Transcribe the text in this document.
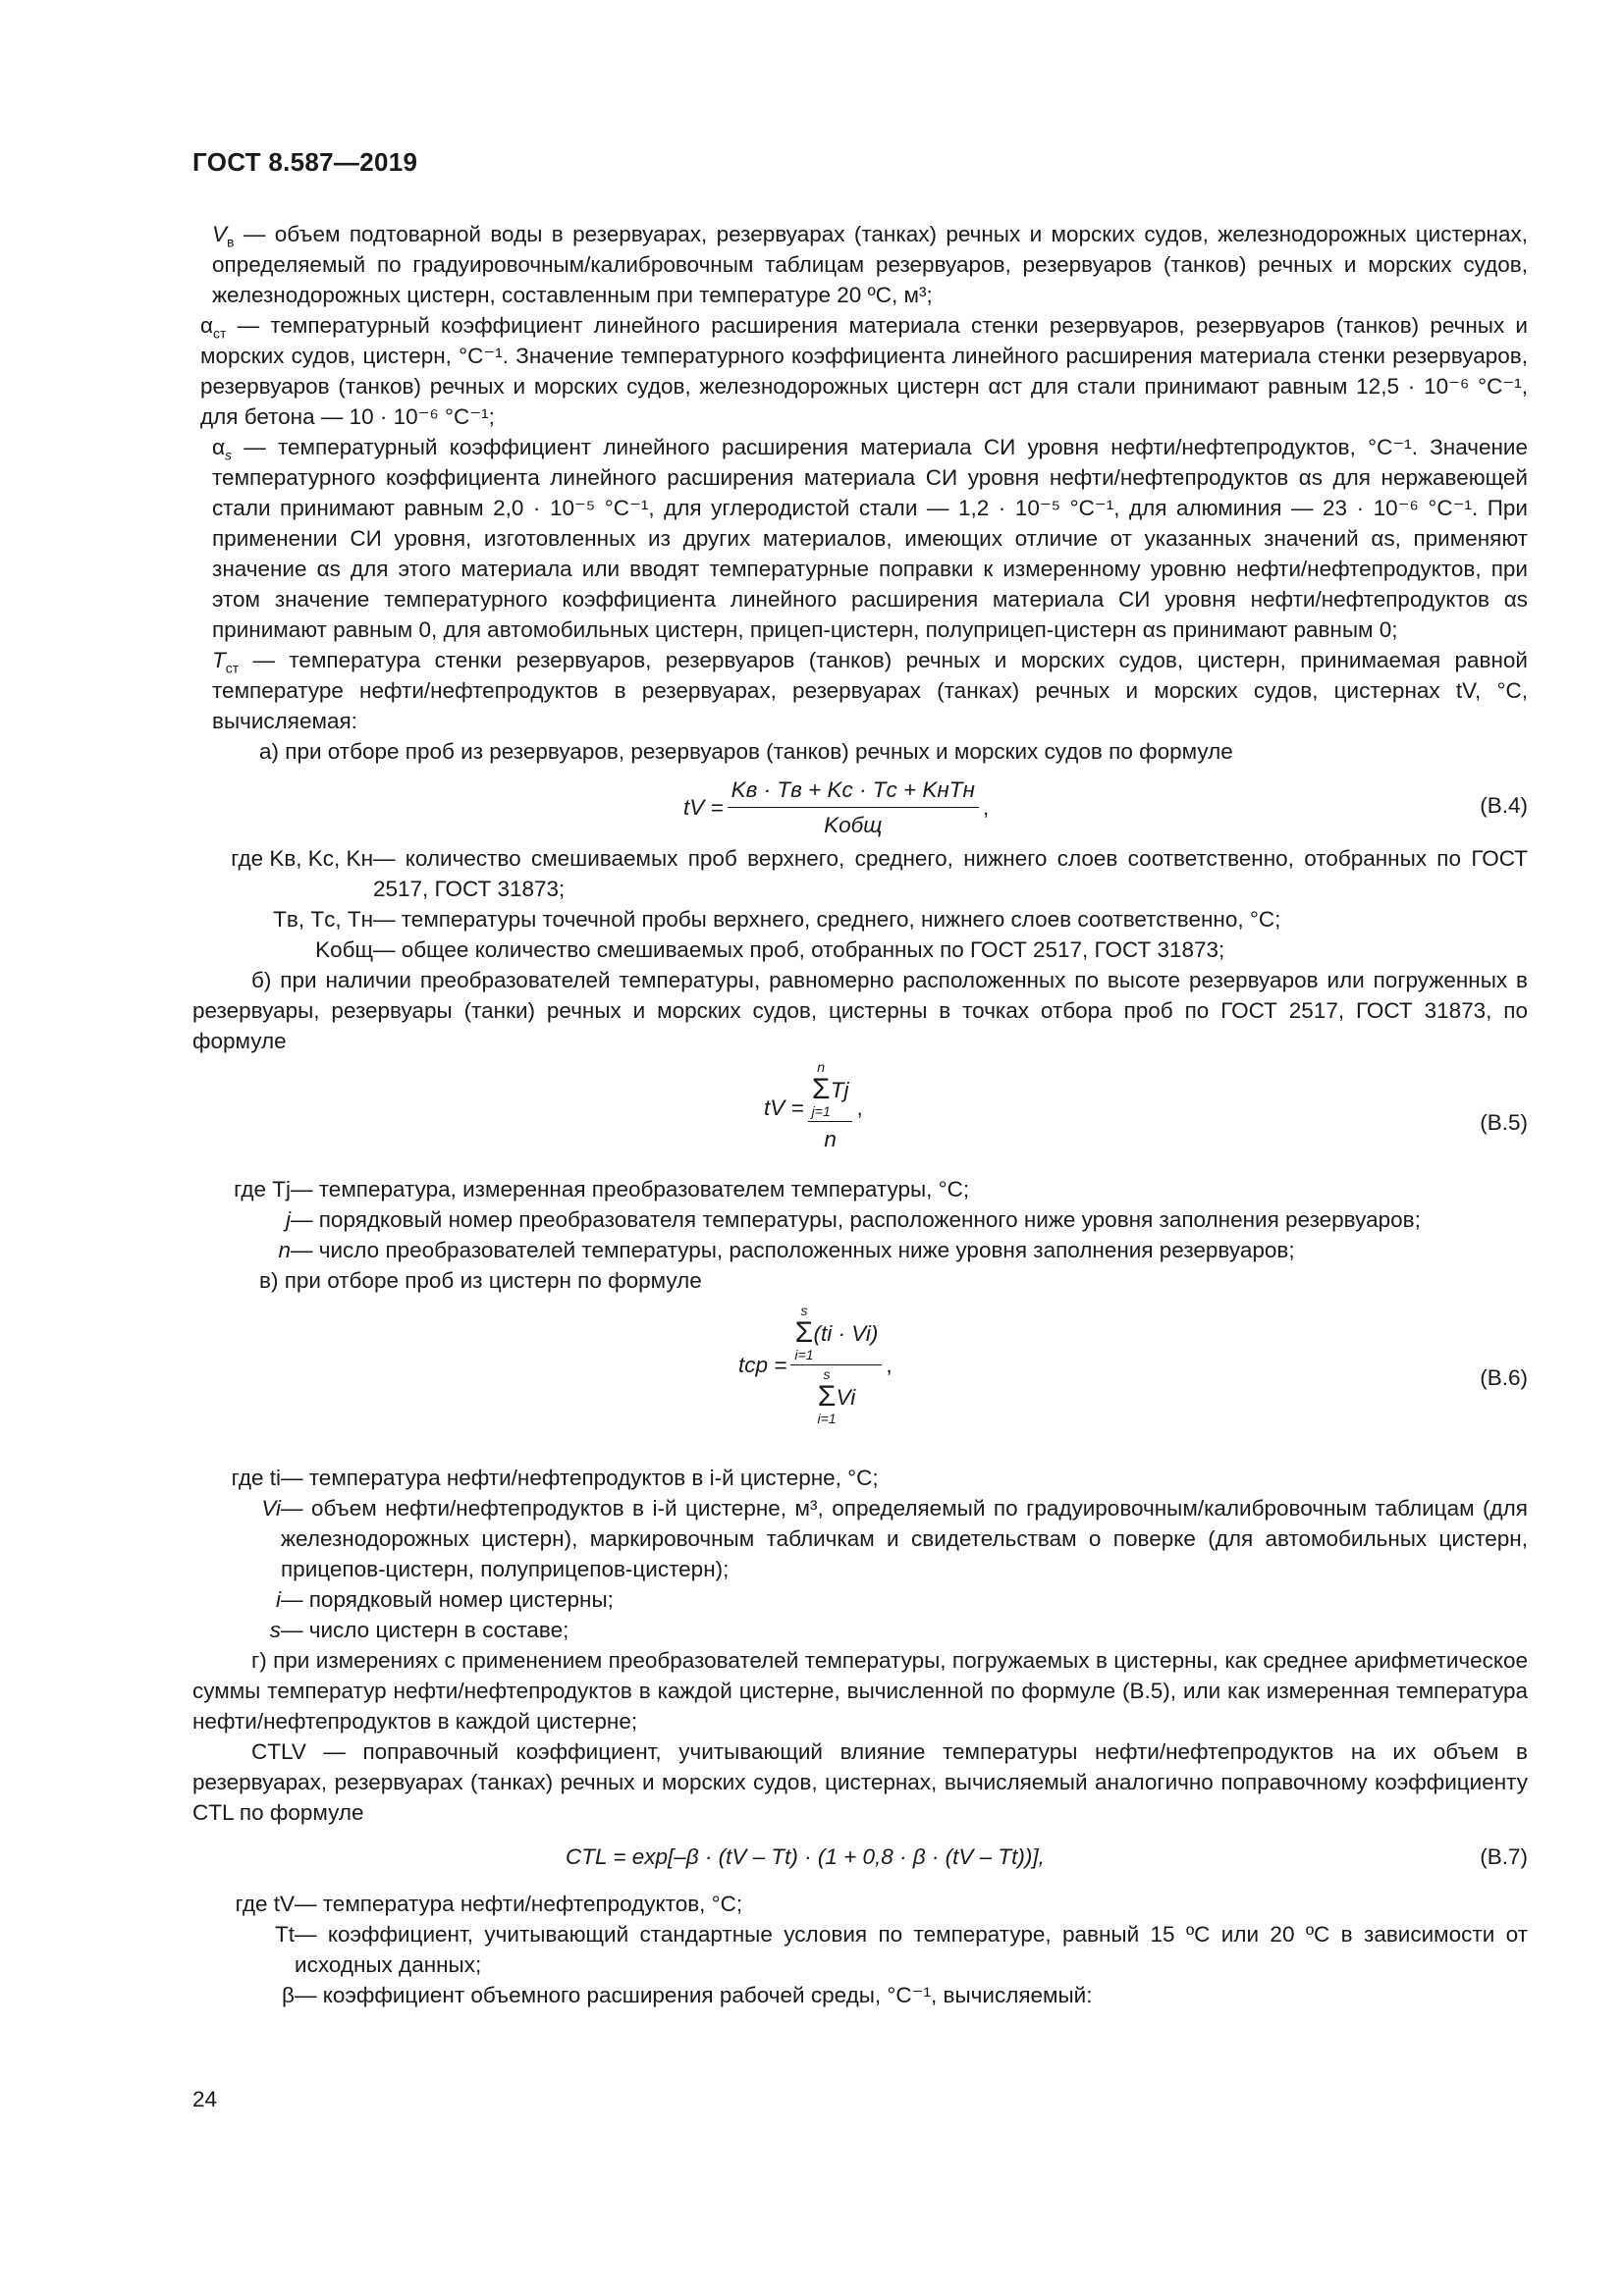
ГОСТ 8.587—2019
$V_в$ — объем подтоварной воды в резервуарах, резервуарах (танках) речных и морских судов, железнодорожных цистернах, определяемый по градуировочным/калибровочным таблицам резервуаров, резервуаров (танков) речных и морских судов, железнодорожных цистерн, составленным при температуре 20 ºС, м³;
$\alpha_{ст}$ — температурный коэффициент линейного расширения материала стенки резервуаров, резервуаров (танков) речных и морских судов, цистерн, °С⁻¹. Значение температурного коэффициента линейного расширения материала стенки резервуаров, резервуаров (танков) речных и морских судов, железнодорожных цистерн αст для стали принимают равным 12,5 · 10⁻⁶ °С⁻¹, для бетона — 10 · 10⁻⁶ °С⁻¹;
$\alpha_s$ — температурный коэффициент линейного расширения материала СИ уровня нефти/нефтепродуктов, °С⁻¹. Значение температурного коэффициента линейного расширения материала СИ уровня нефти/нефтепродуктов αs для нержавеющей стали принимают равным 2,0 · 10⁻⁵ °С⁻¹, для углеродистой стали — 1,2 · 10⁻⁵ °С⁻¹, для алюминия — 23 · 10⁻⁶ °С⁻¹. При применении СИ уровня, изготовленных из других материалов, имеющих отличие от указанных значений αs, применяют значение αs для этого материала или вводят температурные поправки к измеренному уровню нефти/нефтепродуктов, при этом значение температурного коэффициента линейного расширения материала СИ уровня нефти/нефтепродуктов αs принимают равным 0, для автомобильных цистерн, прицеп-цистерн, полуприцеп-цистерн αs принимают равным 0;
$T_{ст}$ — температура стенки резервуаров, резервуаров (танков) речных и морских судов, цистерн, принимаемая равной температуре нефти/нефтепродуктов в резервуарах, резервуарах (танках) речных и морских судов, цистернах tV, °С, вычисляемая:
а) при отборе проб из резервуаров, резервуаров (танков) речных и морских судов по формуле
tV = $\frac{\text{Kв · Tв + Kс · Tс + KнTн}}{\text{Kобщ}}$ ,	(В.4)
где Kв, Kс, Kн — количество смешиваемых проб верхнего, среднего, нижнего слоев соответственно, отобранных по ГОСТ 2517, ГОСТ 31873;
Tв, Tс, Tн — температуры точечной пробы верхнего, среднего, нижнего слоев соответственно, °С;
Kобщ — общее количество смешиваемых проб, отобранных по ГОСТ 2517, ГОСТ 31873;
б) при наличии преобразователей температуры, равномерно расположенных по высоте резервуаров или погруженных в резервуары, резервуары (танки) речных и морских судов, цистерны в точках отбора проб по ГОСТ 2517, ГОСТ 31873, по формуле
tV = n
Σ
j=1
Tj
n ,
(В.5)
где Tj — температура, измеренная преобразователем температуры, °С;
j — порядковый номер преобразователя температуры, расположенного ниже уровня заполнения резервуаров;
n — число преобразователей температуры, расположенных ниже уровня заполнения резервуаров;
в) при отборе проб из цистерн по формуле
tср =
s
Σ
i=1
(ti · Vi)
s
Σ
i=1
Vi
,
(В.6)
где ti — температура нефти/нефтепродуктов в i-й цистерне, °С;
Vi — объем нефти/нефтепродуктов в i-й цистерне, м³, определяемый по градуировочным/калибровочным таблицам (для железнодорожных цистерн), маркировочным табличкам и свидетельствам о поверке (для автомобильных цистерн, прицепов-цистерн, полуприцепов-цистерн);
i — порядковый номер цистерны;
s — число цистерн в составе;
г) при измерениях с применением преобразователей температуры, погружаемых в цистерны, как среднее арифметическое суммы температур нефти/нефтепродуктов в каждой цистерне, вычисленной по формуле (В.5), или как измеренная температура нефти/нефтепродуктов в каждой цистерне;
CTLV — поправочный коэффициент, учитывающий влияние температуры нефти/нефтепродуктов на их объем в резервуарах, резервуарах (танках) речных и морских судов, цистернах, вычисляемый аналогично поправочному коэффициенту CTL по формуле
CTL = exp[–β · (tV – Tt) · (1 + 0,8 · β · (tV – Tt))],	(В.7)
где tV — температура нефти/нефтепродуктов, °С;
Tt — коэффициент, учитывающий стандартные условия по температуре, равный 15 ºС или 20 ºС в зависимости от исходных данных;
β — коэффициент объемного расширения рабочей среды, °С⁻¹, вычисляемый:
24
